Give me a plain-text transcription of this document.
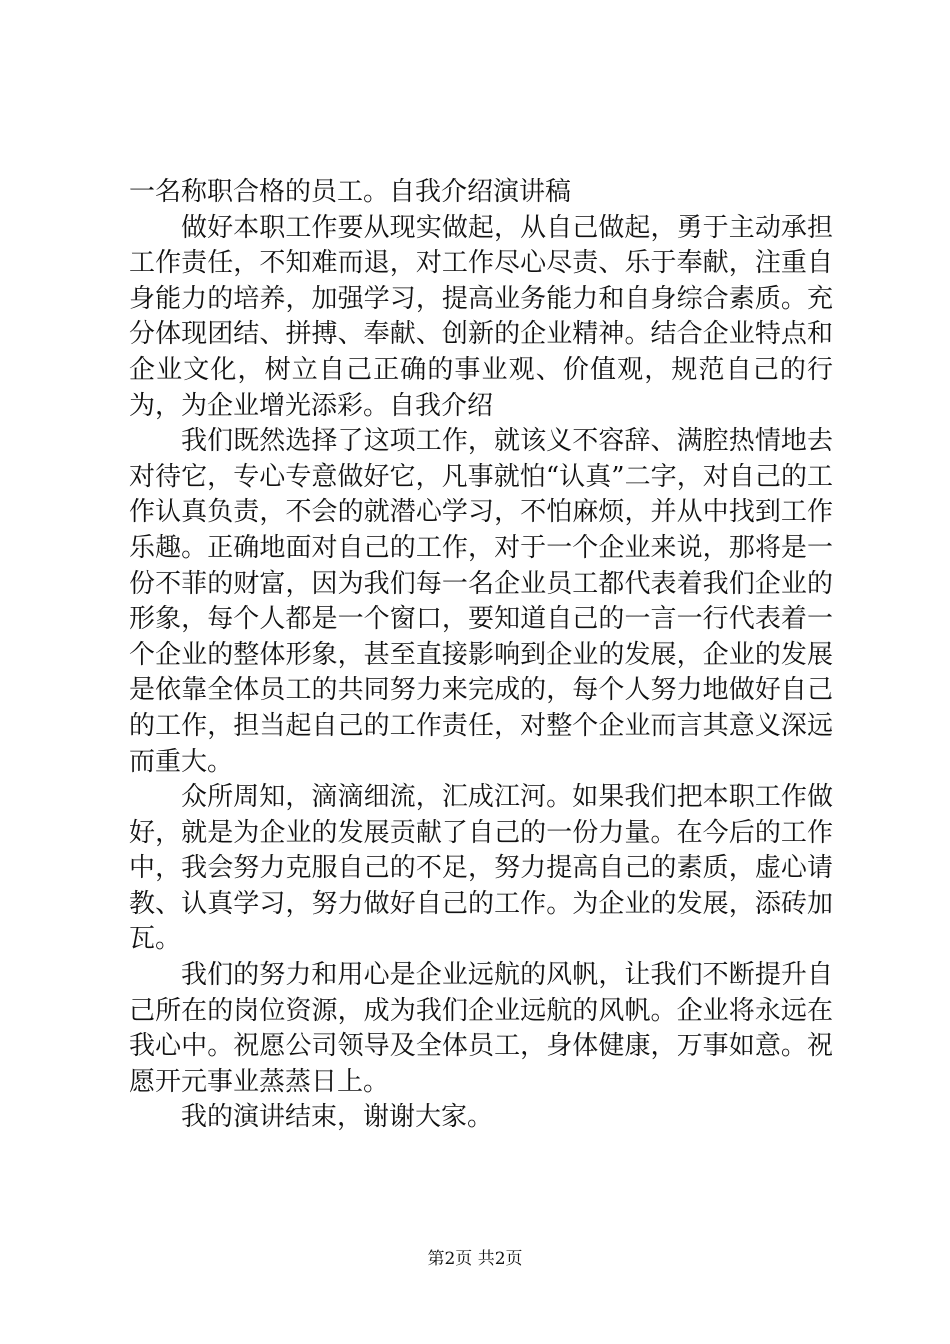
一名称职合格的员工。自我介绍演讲稿

做好本职工作要从现实做起，从自己做起，勇于主动承担工作责任，不知难而退，对工作尽心尽责、乐于奉献，注重自身能力的培养，加强学习，提高业务能力和自身综合素质。充分体现团结、拼搏、奉献、创新的企业精神。结合企业特点和企业文化，树立自己正确的事业观、价值观，规范自己的行为，为企业增光添彩。自我介绍

我们既然选择了这项工作，就该义不容辞、满腔热情地去对待它，专心专意做好它，凡事就怕“认真”二字，对自己的工作认真负责，不会的就潜心学习，不怕麻烦，并从中找到工作乐趣。正确地面对自己的工作，对于一个企业来说，那将是一份不菲的财富，因为我们每一名企业员工都代表着我们企业的形象，每个人都是一个窗口，要知道自己的一言一行代表着一个企业的整体形象，甚至直接影响到企业的发展，企业的发展是依靠全体员工的共同努力来完成的，每个人努力地做好自己的工作，担当起自己的工作责任，对整个企业而言其意义深远而重大。

众所周知，滴滴细流，汇成江河。如果我们把本职工作做好，就是为企业的发展贡献了自己的一份力量。在今后的工作中，我会努力克服自己的不足，努力提高自己的素质，虚心请教、认真学习，努力做好自己的工作。为企业的发展，添砖加瓦。

我们的努力和用心是企业远航的风帆，让我们不断提升自己所在的岗位资源，成为我们企业远航的风帆。企业将永远在我心中。祝愿公司领导及全体员工，身体健康，万事如意。祝愿开元事业蒸蒸日上。

我的演讲结束，谢谢大家。

第2页 共2页
